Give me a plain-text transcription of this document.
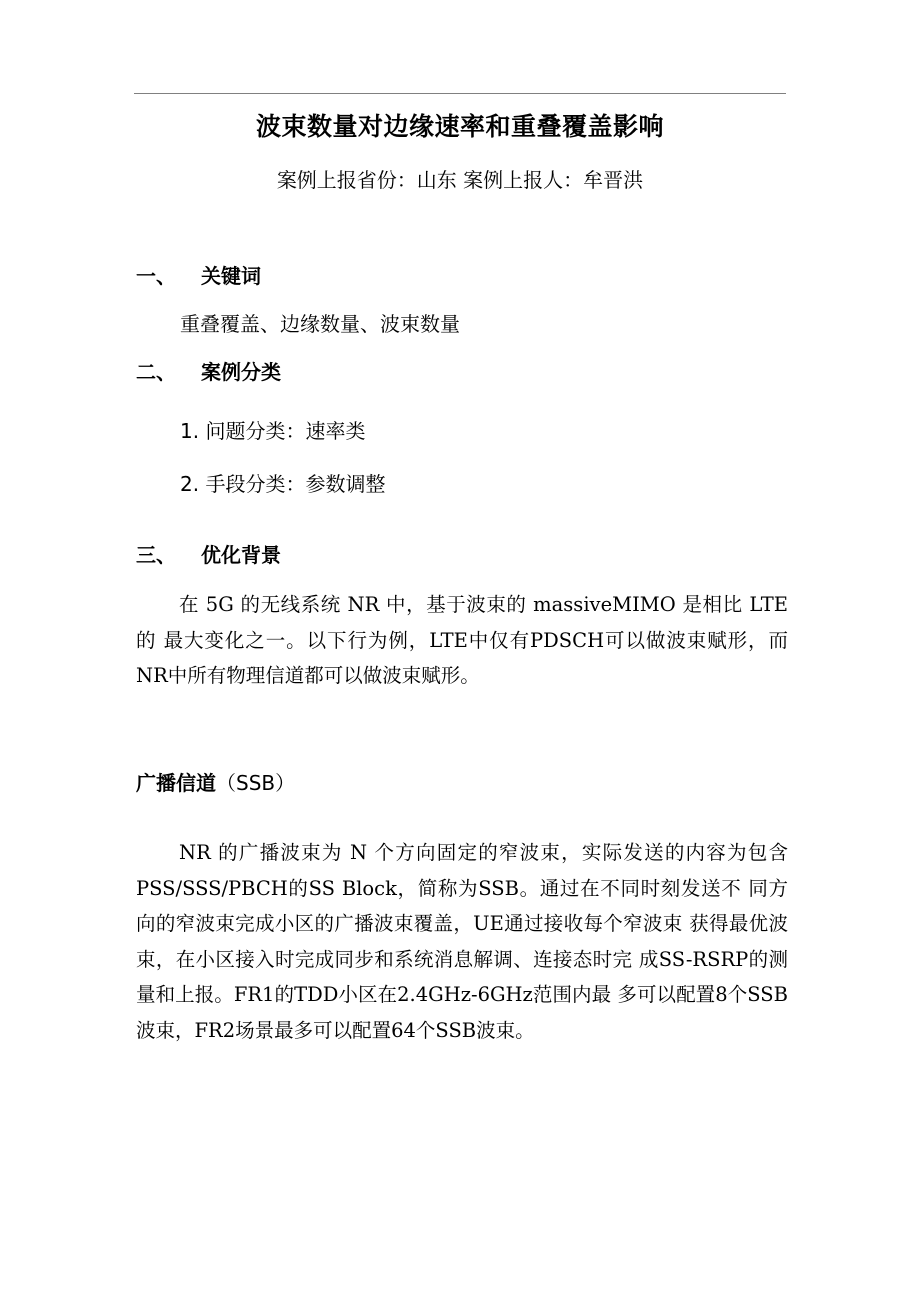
波束数量对边缘速率和重叠覆盖影响
案例上报省份：山东 案例上报人：牟晋洪
一、 关键词
重叠覆盖、边缘数量、波束数量
二、 案例分类
1. 问题分类：速率类
2. 手段分类：参数调整
三、 优化背景
在 5G 的无线系统 NR 中，基于波束的 massiveMIMO 是相比 LTE 的 最大变化之一。以下行为例，LTE中仅有PDSCH可以做波束赋形，而 NR中所有物理信道都可以做波束赋形。
广播信道（SSB）
NR 的广播波束为 N 个方向固定的窄波束，实际发送的内容为包含PSS/SSS/PBCH的SS Block，简称为SSB。通过在不同时刻发送不 同方向的窄波束完成小区的广播波束覆盖，UE通过接收每个窄波束 获得最优波束，在小区接入时完成同步和系统消息解调、连接态时完 成SS-RSRP的测量和上报。FR1的TDD小区在2.4GHz-6GHz范围内最 多可以配置8个SSB波束，FR2场景最多可以配置64个SSB波束。
